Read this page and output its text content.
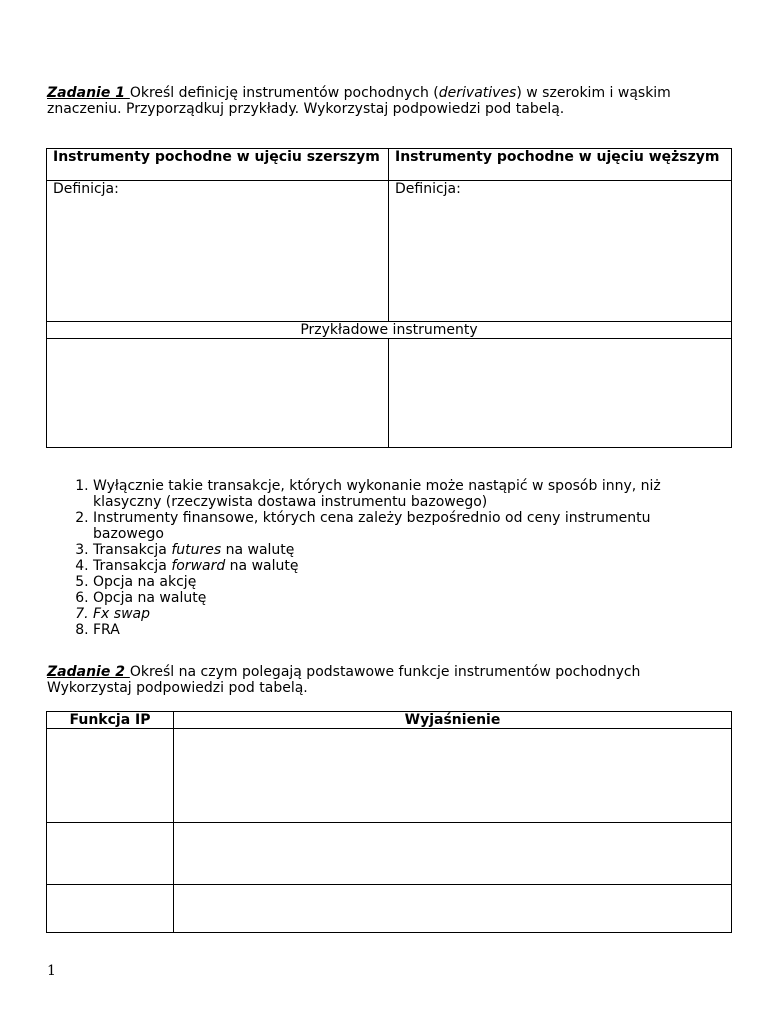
Zadanie 1 Określ definicję instrumentów pochodnych (derivatives) w szerokim i wąskim znaczeniu. Przyporządkuj przykłady. Wykorzystaj podpowiedzi pod tabelą.
Instrumenty pochodne w ujęciu szerszym	Instrumenty pochodne w ujęciu węższym
Definicja:	Definicja:
Przykładowe instrumenty	

1. Wyłącznie takie transakcje, których wykonanie może nastąpić w sposób inny, niż klasyczny (rzeczywista dostawa instrumentu bazowego)
2. Instrumenty finansowe, których cena zależy bezpośrednio od ceny instrumentu bazowego
3. Transakcja futures na walutę
4. Transakcja forward na walutę
5. Opcja na akcję
6. Opcja na walutę
7. Fx swap
8. FRA
Zadanie 2 Określ na czym polegają podstawowe funkcje instrumentów pochodnych
Wykorzystaj podpowiedzi pod tabelą.
Funkcja IP	Wyjaśnienie

1
